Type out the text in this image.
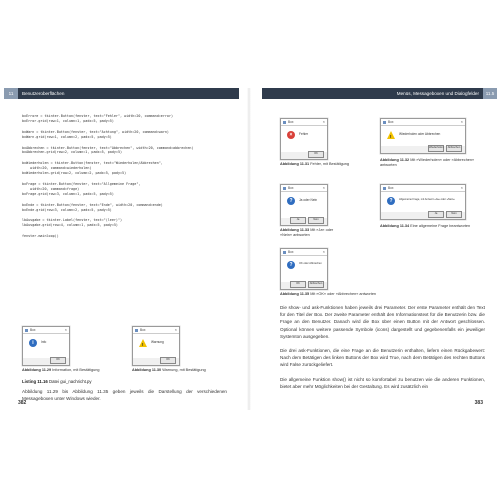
11	Benutzeroberflächen
bxErrore = tkinter.Button(fenster, text="Fehler", width=20, command=error)
bxError.grid(row=1, column=1, padx=5, pady=5)
bxWarn = tkinter.Button(fenster, text="Achtung", width=20, command=warn)
bxWarn.grid(row=1, column=2, padx=5, pady=5)
bxAbbrechen = tkinter.Button(fenster, text="Abbrechen", width=20, command=abbrechen)
bxAbbrechen.grid(row=2, column=1, padx=5, pady=5)
bxWiederholen = tkinter.Button(fenster, text="Wiederholen/Abbrechen",
width=20, command=wiederholen)
bxWiederholen.grid(row=2, column=2, padx=5, pady=5)
bxFrage = tkinter.Button(fenster, text="Allgemeine Frage",
width=20, command=frage)
bxFrage.grid(row=3, column=1, padx=5, pady=5)
bxEnde = tkinter.Button(fenster, text="Ende", width=20, command=ende)
bxEnde.grid(row=3, column=2, padx=5, pady=5)
lbAusgabe = tkinter.Label(fenster, text="(leer)")
lbAusgabe.grid(row=4, column=1, padx=5, pady=5)
fenster.mainloop()
Listing 11.16 Datei gui_nachricht.py
Abbildung 11.29 bis Abbildung 11.35 geben jeweils die Darstellung der verschiedenen Messageboxen unter Windows wieder.
382
Menüs, Messageboxen und Dialogfelder	11.5
Box	×
×	Fehler
OK
Abbildung 11.31 Fehler, mit Bestätigung
Box	×
! Wiederholen oder Abbrechen
Wiederholen	Abbrechen
Abbildung 11.32 Mit »Wiederholen« oder »Abbrechen« antworten
Box	×
?	Ja oder Nein
Ja	Nein
Abbildung 11.33 Mit »Ja« oder »Nein« antworten
Box	×
?	Allgemeine Frage, mit Antwort »Ja« oder »Nein«
Ja	Nein
Abbildung 11.34 Eine allgemeine Frage beantworten
Box	×
?	OK oder Abbrechen
OK	Abbrechen
Abbildung 11.35 Mit »OK« oder »Abbrechen« antworten
Die show- und ask-Funktionen haben jeweils drei Parameter. Der erste Parameter enthält den Text für den Titel der Box. Der zweite Parameter enthält den Informationstext für die Benutzerin bzw. die Frage an den Benutzer. Danach wird die Box über einen Button mit der Antwort geschlossen. Optional können weitere passende Symbole (icons) dargestellt und gegebenenfalls ein jeweiliger Systemton ausgegeben.
Die drei ask-Funktionen, die eine Frage an die Benutzerin enthalten, liefern einen Rückgabewert: Nach dem Betätigen des linken Buttons der Box wird True, nach dem Betätigen des rechten Buttons wird False zurückgeliefert.
Die allgemeine Funktion show() ist nicht so komfortabel zu benutzen wie die anderen Funktionen, bietet aber mehr Möglichkeiten bei der Gestaltung. Es wird zusätzlich ein
383
Box	×
i	Info
OK
Abbildung 11.29 Information, mit Bestätigung
Box	×
! Warnung
OK
Abbildung 11.30 Warnung, mit Bestätigung
